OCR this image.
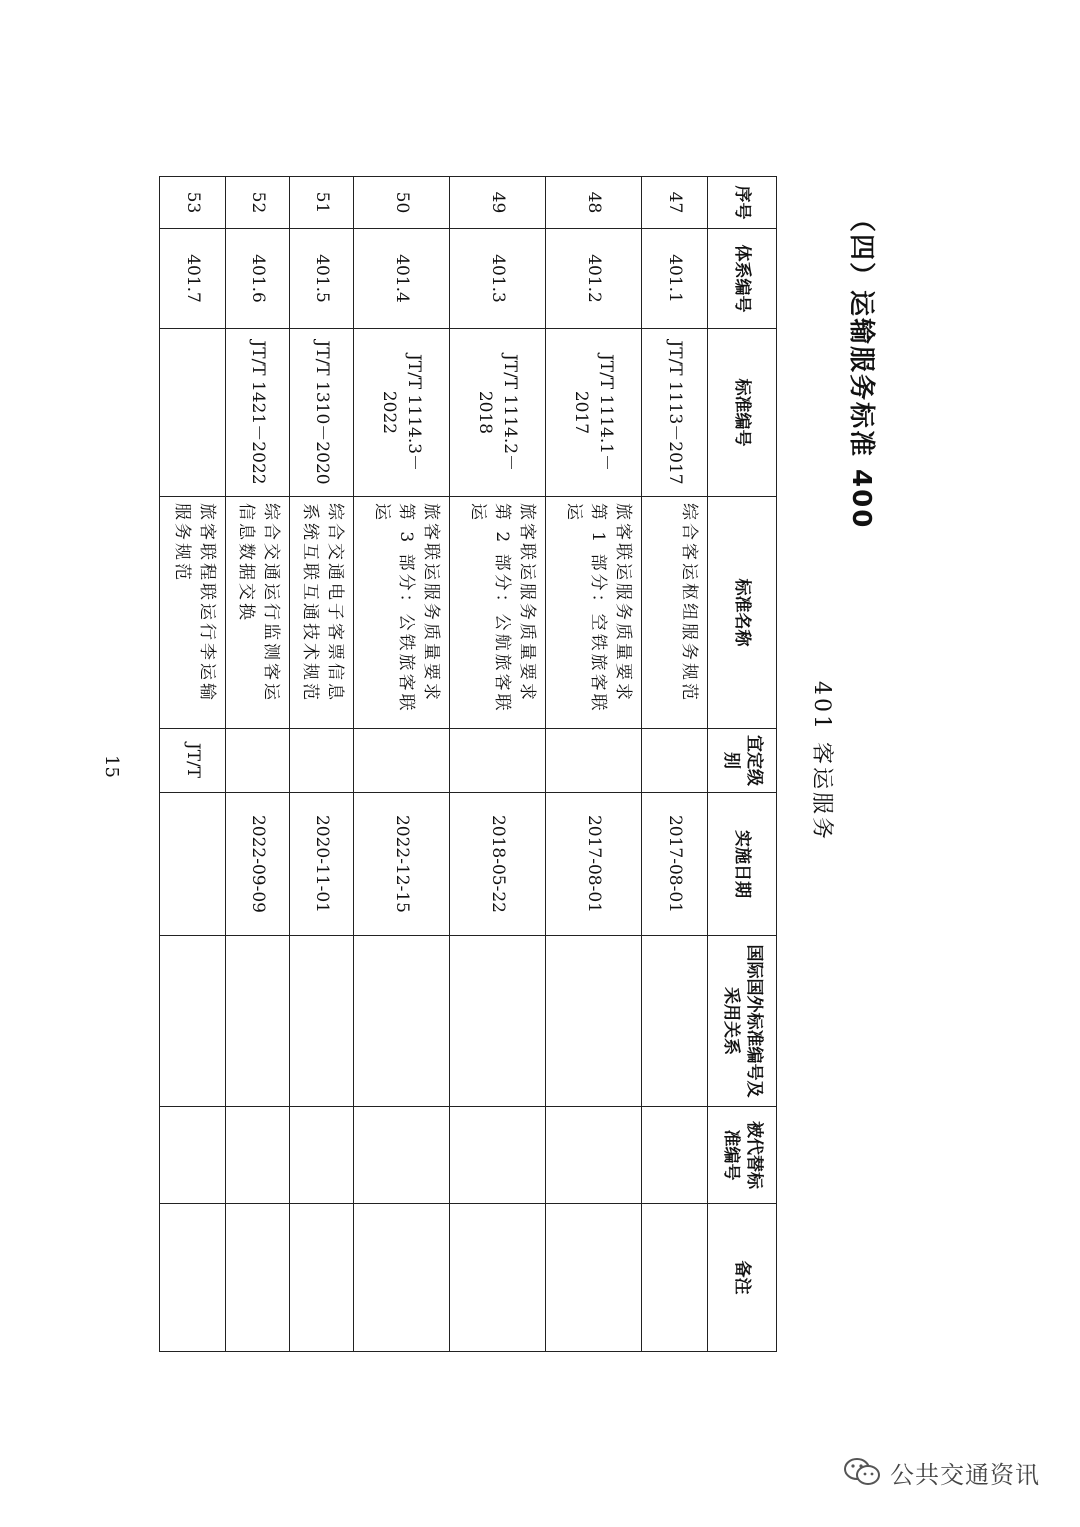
（四）运输服务标准 400
401 客运服务
序号	体系编号	标准编号	标准名称	宜定级别	实施日期	国际国外标准编号及采用关系	被代替标准编号	备注
47	401.1	JT/T 1113－2017	综合客运枢纽服务规范		2017-08-01			
48	401.2	JT/T 1114.1－2017	旅客联运服务质量要求第 1 部分：空铁旅客联运		2017-08-01			
49	401.3	JT/T 1114.2－2018	旅客联运服务质量要求第 2 部分：公航旅客联运		2018-05-22			
50	401.4	JT/T 1114.3－2022	旅客联运服务质量要求第 3 部分：公铁旅客联运		2022-12-15			
51	401.5	JT/T 1310－2020	综合交通电子客票信息系统互联互通技术规范		2020-11-01			
52	401.6	JT/T 1421－2022	综合交通运行监测客运信息数据交换		2022-09-09			
53	401.7		旅客联程联运行李运输服务规范	JT/T				
15
公共交通资讯
